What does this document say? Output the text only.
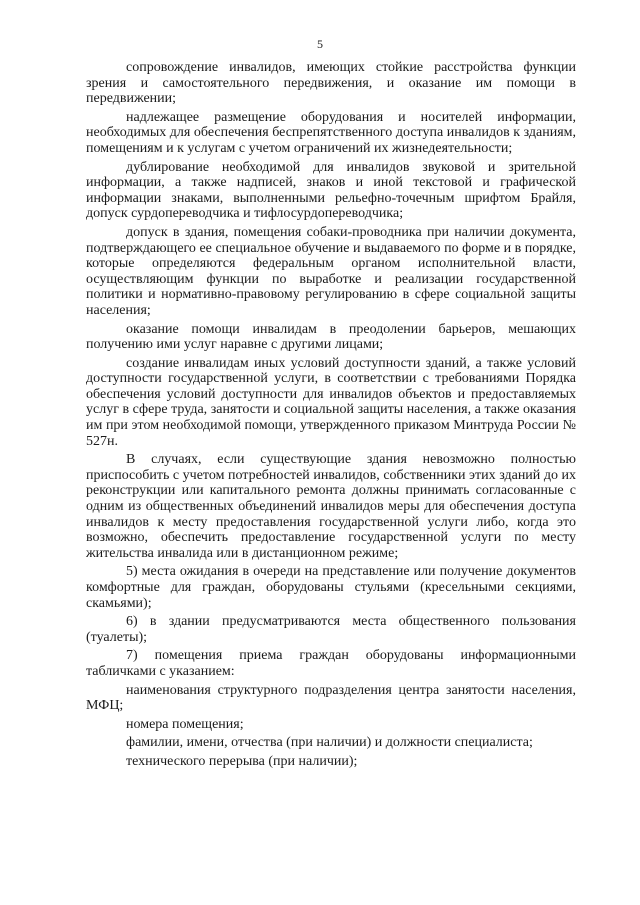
5

сопровождение инвалидов, имеющих стойкие расстройства функции зрения и самостоятельного передвижения, и оказание им помощи в передвижении;

надлежащее размещение оборудования и носителей информации, необходимых для обеспечения беспрепятственного доступа инвалидов к зданиям, помещениям и к услугам с учетом ограничений их жизнедеятельности;

дублирование необходимой для инвалидов звуковой и зрительной информации, а также надписей, знаков и иной текстовой и графической информации знаками, выполненными рельефно-точечным шрифтом Брайля, допуск сурдопереводчика и тифлосурдопереводчика;

допуск в здания, помещения собаки-проводника при наличии документа, подтверждающего ее специальное обучение и выдаваемого по форме и в порядке, которые определяются федеральным органом исполнительной власти, осуществляющим функции по выработке и реализации государственной политики и нормативно-правовому регулированию в сфере социальной защиты населения;

оказание помощи инвалидам в преодолении барьеров, мешающих получению ими услуг наравне с другими лицами;

создание инвалидам иных условий доступности зданий, а также условий доступности государственной услуги, в соответствии с требованиями Порядка обеспечения условий доступности для инвалидов объектов и предоставляемых услуг в сфере труда, занятости и социальной защиты населения, а также оказания им при этом необходимой помощи, утвержденного приказом Минтруда России № 527н.

В случаях, если существующие здания невозможно полностью приспособить с учетом потребностей инвалидов, собственники этих зданий до их реконструкции или капитального ремонта должны принимать согласованные с одним из общественных объединений инвалидов меры для обеспечения доступа инвалидов к месту предоставления государственной услуги либо, когда это возможно, обеспечить предоставление государственной услуги по месту жительства инвалида или в дистанционном режиме;

5) места ожидания в очереди на представление или получение документов комфортные для граждан, оборудованы стульями (кресельными секциями, скамьями);

6) в здании предусматриваются места общественного пользования (туалеты);

7) помещения приема граждан оборудованы информационными табличками с указанием:

наименования структурного подразделения центра занятости населения, МФЦ;

номера помещения;

фамилии, имени, отчества (при наличии) и должности специалиста;

технического перерыва (при наличии);
